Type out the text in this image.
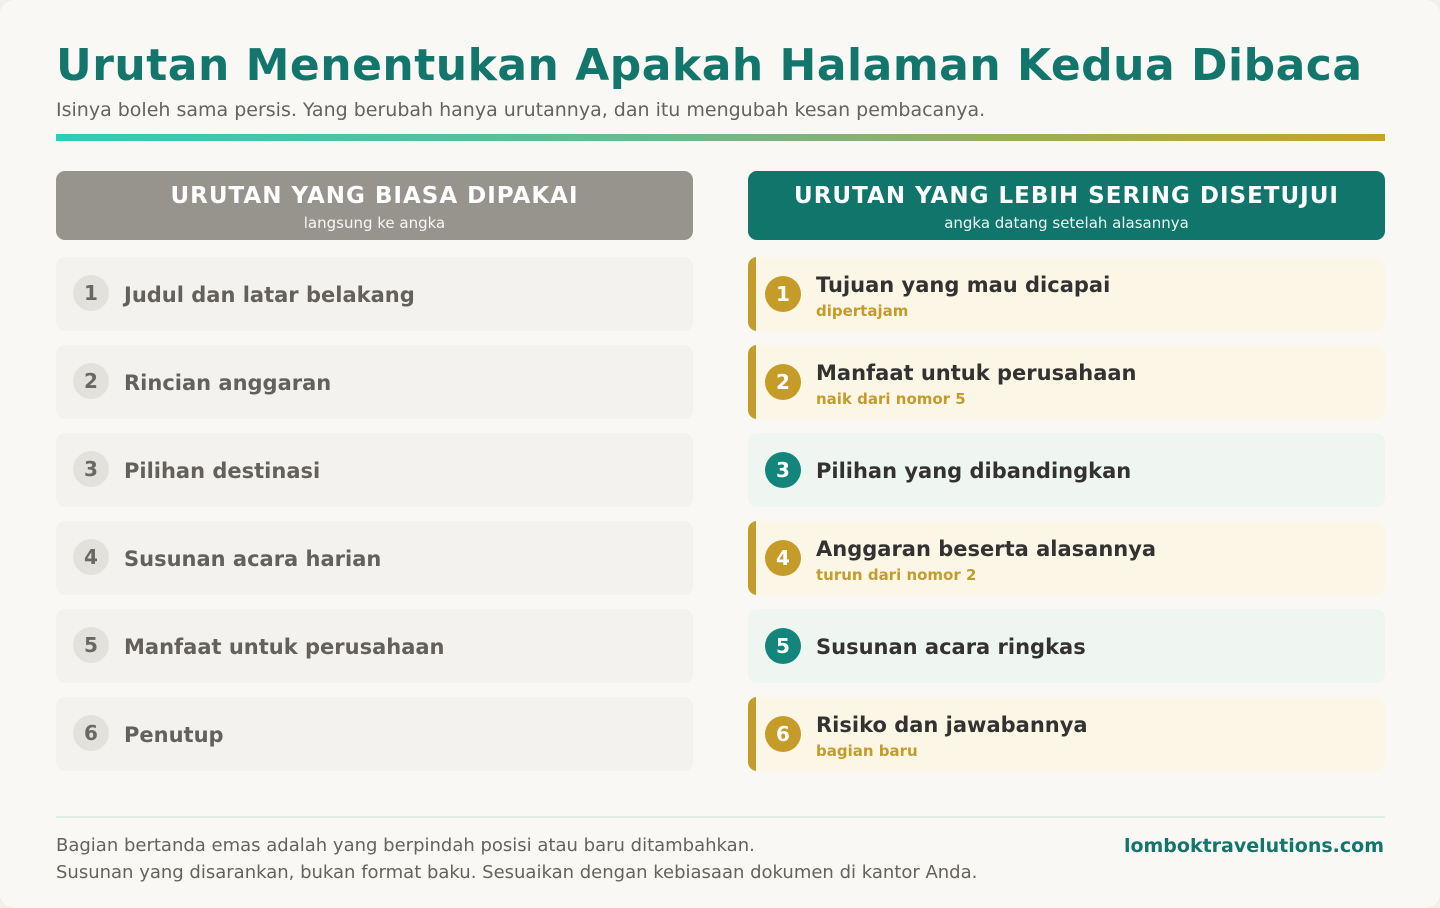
Urutan Menentukan Apakah Halaman Kedua Dibaca
Isinya boleh sama persis. Yang berubah hanya urutannya, dan itu mengubah kesan pembacanya.
URUTAN YANG BIASA DIPAKAI
langsung ke angka
URUTAN YANG LEBIH SERING DISETUJUI
angka datang setelah alasannya
1	Judul dan latar belakang
2	Rincian anggaran
3	Pilihan destinasi
4	Susunan acara harian
5	Manfaat untuk perusahaan
6	Penutup
1	Tujuan yang mau dicapai
dipertajam
2	Manfaat untuk perusahaan
naik dari nomor 5
3	Pilihan yang dibandingkan
4	Anggaran beserta alasannya
turun dari nomor 2
5	Susunan acara ringkas
6	Risiko dan jawabannya
bagian baru
Bagian bertanda emas adalah yang berpindah posisi atau baru ditambahkan.
Susunan yang disarankan, bukan format baku. Sesuaikan dengan kebiasaan dokumen di kantor Anda.
lomboktravelutions.com
